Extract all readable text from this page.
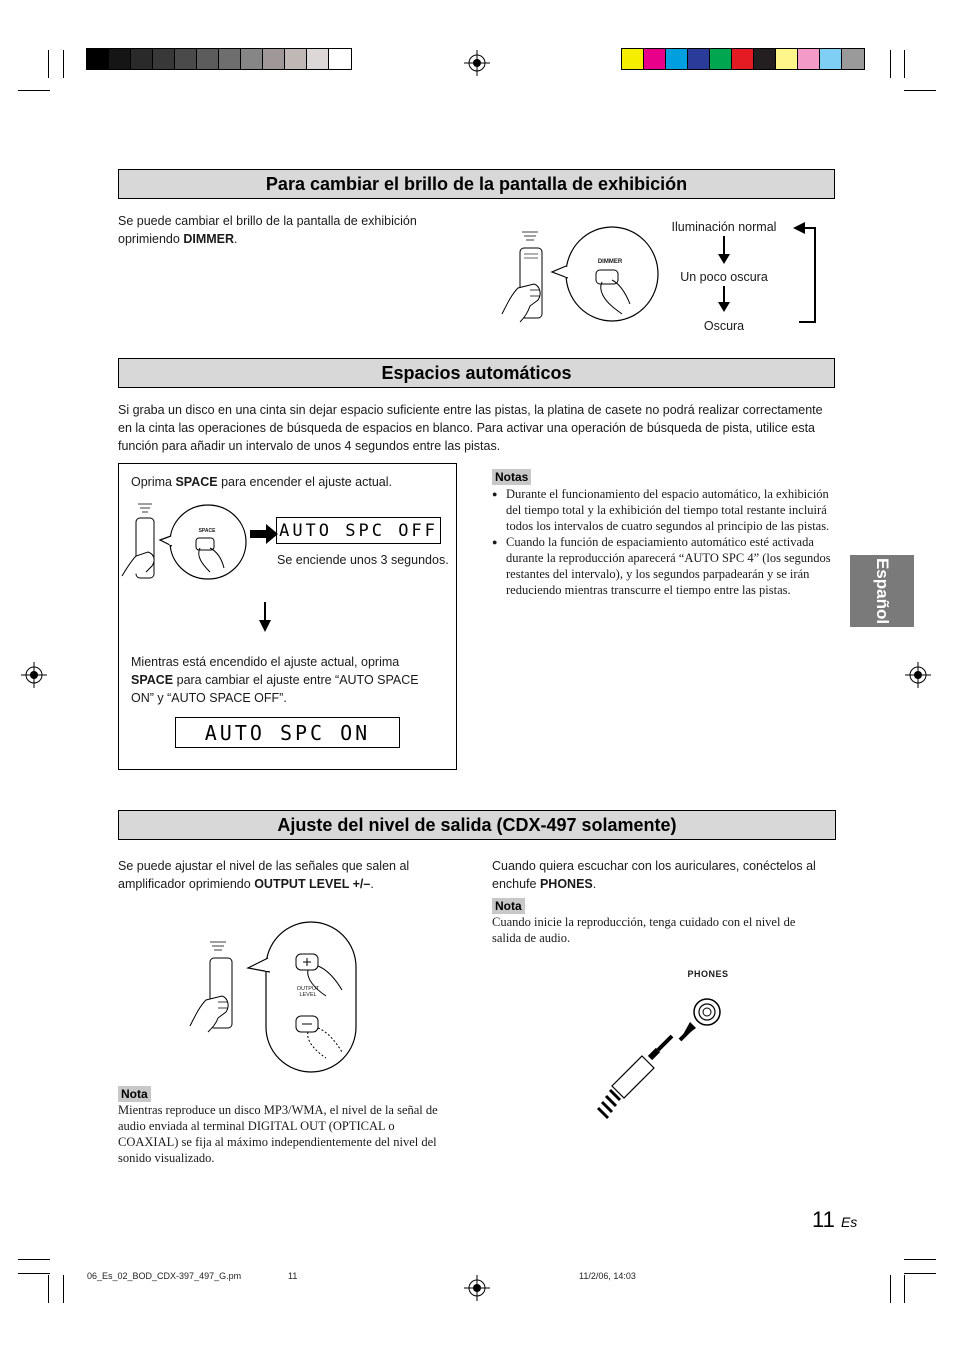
Para cambiar el brillo de la pantalla de exhibición
Se puede cambiar el brillo de la pantalla de exhibición oprimiendo DIMMER.
DIMMER
Iluminación normal
Un poco oscura
Oscura
Espacios automáticos
Si graba un disco en una cinta sin dejar espacio suficiente entre las pistas, la platina de casete no podrá realizar correctamente en la cinta las operaciones de búsqueda de espacios en blanco. Para activar una operación de búsqueda de pista, utilice esta función para añadir un intervalo de unos 4 segundos entre las pistas.
Oprima SPACE para encender el ajuste actual.
SPACE	AUTO SPC OFF
Se enciende unos 3 segundos.
Mientras está encendido el ajuste actual, oprima SPACE para cambiar el ajuste entre “AUTO SPACE ON” y “AUTO SPACE OFF”.
AUTO SPC ON
Notas
● Durante el funcionamiento del espacio automático, la exhibición del tiempo total y la exhibición del tiempo total restante incluirá todos los intervalos de cuatro segundos al principio de las pistas.
● Cuando la función de espaciamiento automático esté activada durante la reproducción aparecerá “AUTO SPC 4” (los segundos restantes del intervalo), y los segundos parpadearán y se irán reduciendo mientras transcurre el tiempo entre las pistas.	Español
Ajuste del nivel de salida (CDX-497 solamente)
Se puede ajustar el nivel de las señales que salen al amplificador oprimiendo OUTPUT LEVEL +/–.
OUTPUT
LEVEL
Nota
Mientras reproduce un disco MP3/WMA, el nivel de la señal de audio enviada al terminal DIGITAL OUT (OPTICAL o COAXIAL) se fija al máximo independientemente del nivel del sonido visualizado.
Cuando quiera escuchar con los auriculares, conéctelos al enchufe PHONES.
Nota
Cuando inicie la reproducción, tenga cuidado con el nivel de salida de audio.
PHONES
11 Es
06_Es_02_BOD_CDX-397_497_G.pm	11	11/2/06, 14:03
